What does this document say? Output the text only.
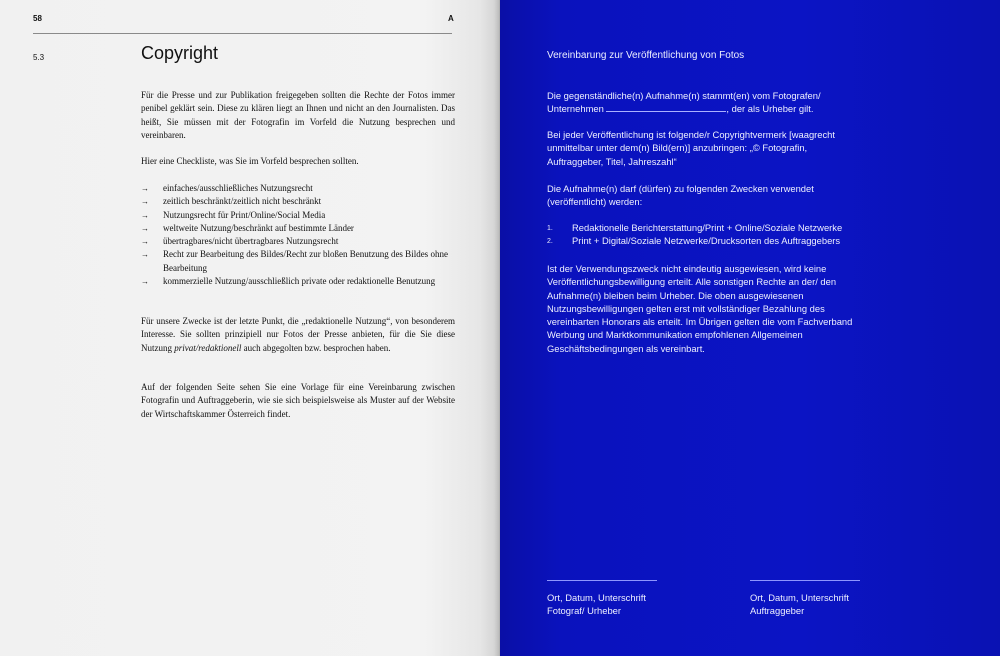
58	A
5.3	Copyright

Für die Presse und zur Publikation freigegeben sollten die Rechte der Fotos immer penibel geklärt sein. Diese zu klären liegt an Ihnen und nicht an den Journalisten. Das heißt, Sie müssen mit der Fotografin im Vorfeld die Nutzung besprechen und vereinbaren.

Hier eine Checkliste, was Sie im Vorfeld besprechen sollten.

→ einfaches/ausschließliches Nutzungsrecht
→ zeitlich beschränkt/zeitlich nicht beschränkt
→ Nutzungsrecht für Print/Online/Social Media
→ weltweite Nutzung/beschränkt auf bestimmte Länder
→ übertragbares/nicht übertragbares Nutzungsrecht
→ Recht zur Bearbeitung des Bildes/Recht zur bloßen Benutzung des Bildes ohne Bearbeitung
→ kommerzielle Nutzung/ausschließlich private oder redaktionelle Benutzung

Für unsere Zwecke ist der letzte Punkt, die „redaktionelle Nutzung“, von besonderem Interesse. Sie sollten prinzipiell nur Fotos der Presse anbieten, für die Sie diese Nutzung privat/redaktionell auch abgegolten bzw. besprochen haben.

Auf der folgenden Seite sehen Sie eine Vorlage für eine Vereinbarung zwischen Fotografin und Auftraggeberin, wie sie sich beispielsweise als Muster auf der Website der Wirtschaftskammer Österreich findet.

Vereinbarung zur Veröffentlichung von Fotos

Die gegenständliche(n) Aufnahme(n) stammt(en) vom Fotografen/ Unternehmen	, der als Urheber gilt.

Bei jeder Veröffentlichung ist folgende/r Copyrightvermerk [waagrecht unmittelbar unter dem(n) Bild(ern)] anzubringen: „© Fotografin, Auftraggeber, Titel, Jahreszahl“

Die Aufnahme(n) darf (dürfen) zu folgenden Zwecken verwendet (veröffentlicht) werden:

1. Redaktionelle Berichterstattung/Print + Online/Soziale Netzwerke
2. Print + Digital/Soziale Netzwerke/Drucksorten des Auftraggebers

Ist der Verwendungszweck nicht eindeutig ausgewiesen, wird keine Veröffentlichungsbewilligung erteilt. Alle sonstigen Rechte an der/ den Aufnahme(n) bleiben beim Urheber. Die oben ausgewiesenen Nutzungsbewilligungen gelten erst mit vollständiger Bezahlung des vereinbarten Honorars als erteilt. Im Übrigen gelten die vom Fachverband Werbung und Marktkommunikation empfohlenen Allgemeinen Geschäftsbedingungen als vereinbart.

Ort, Datum, Unterschrift

Fotograf/ Urheber

Ort, Datum, Unterschrift

Auftraggeber
